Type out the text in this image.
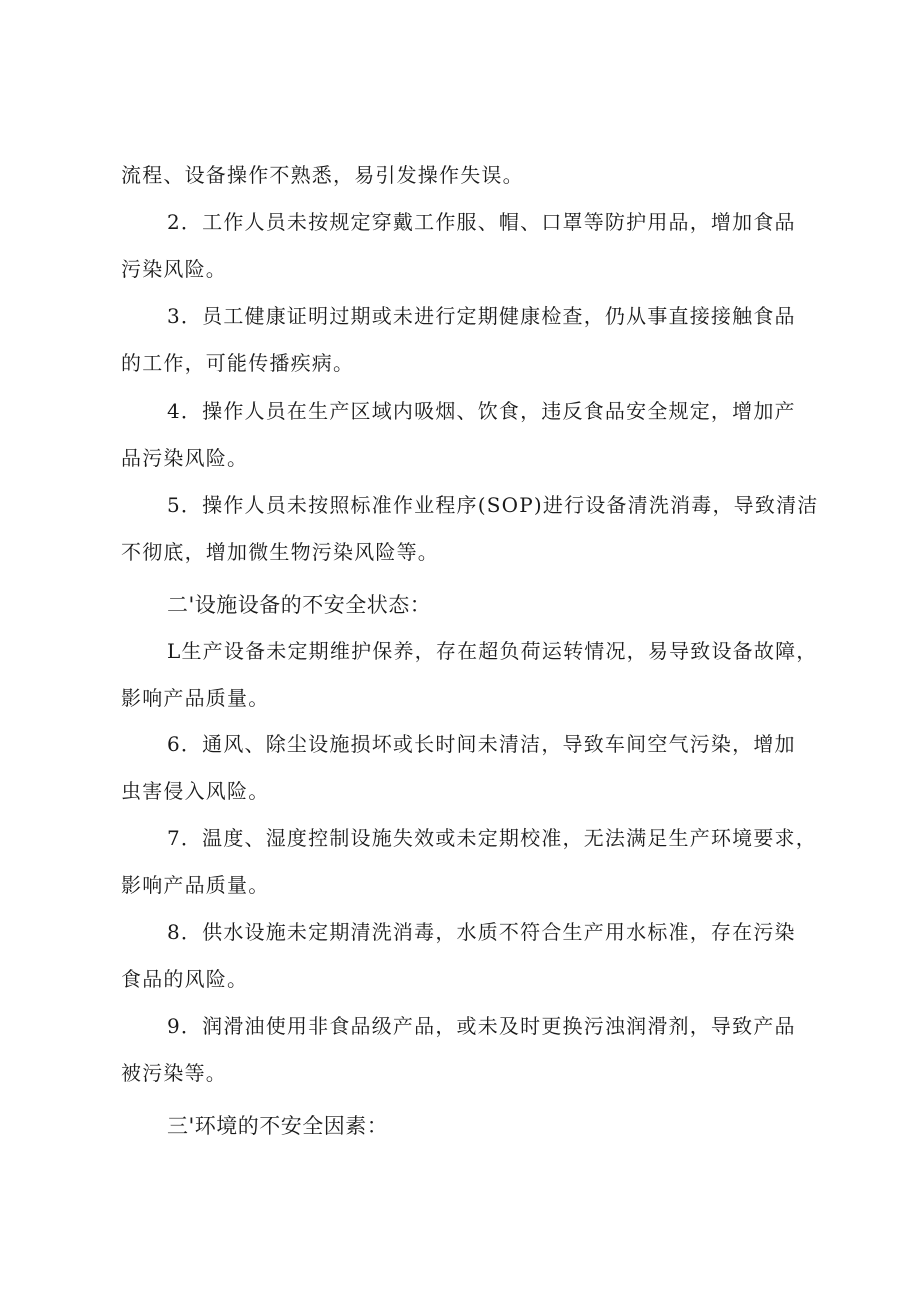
流程、设备操作不熟悉，易引发操作失误。
2．工作人员未按规定穿戴工作服、帽、口罩等防护用品，增加食品
污染风险。
3．员工健康证明过期或未进行定期健康检查，仍从事直接接触食品
的工作，可能传播疾病。
4．操作人员在生产区域内吸烟、饮食，违反食品安全规定，增加产
品污染风险。
5．操作人员未按照标准作业程序(SOP)进行设备清洗消毒，导致清洁
不彻底，增加微生物污染风险等。
二'设施设备的不安全状态：
L生产设备未定期维护保养，存在超负荷运转情况，易导致设备故障，
影响产品质量。
6．通风、除尘设施损坏或长时间未清洁，导致车间空气污染，增加
虫害侵入风险。
7．温度、湿度控制设施失效或未定期校准，无法满足生产环境要求，
影响产品质量。
8．供水设施未定期清洗消毒，水质不符合生产用水标准，存在污染
食品的风险。
9．润滑油使用非食品级产品，或未及时更换污浊润滑剂，导致产品
被污染等。
三'环境的不安全因素：
